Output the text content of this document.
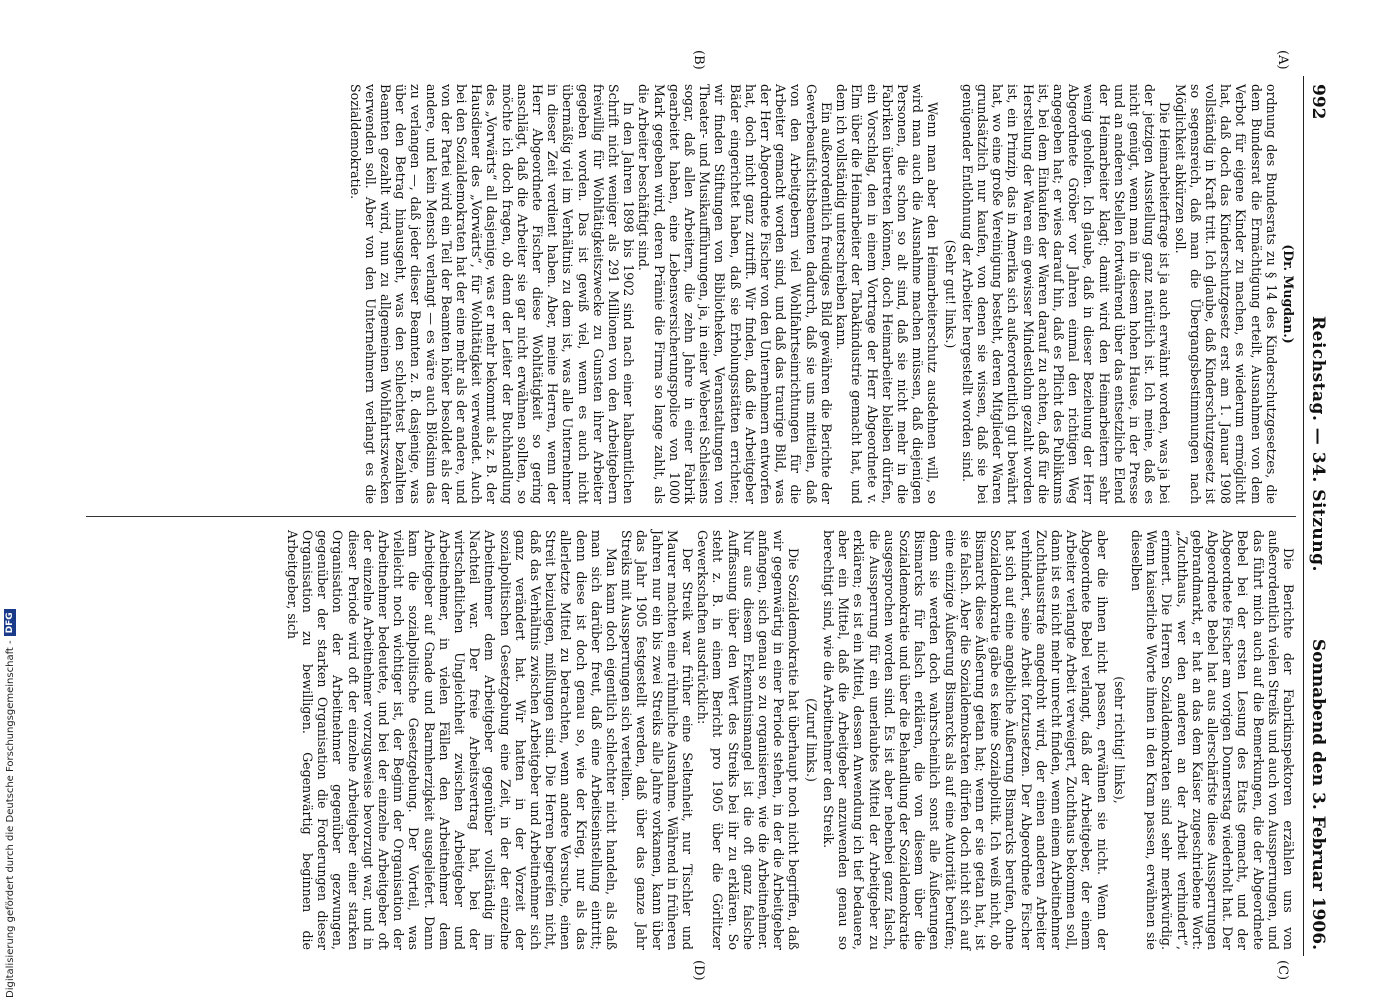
992
Reichstag. — 34. Sitzung.
Sonnabend den 3. Februar 1906.
(A)
(B)
(C)
(D)
(Dr. Mugdan.)

ordnung des Bundesrats zu § 14 des Kinderschutzgesetzes, die dem Bundesrat die Ermächtigung erteilt, Ausnahmen von dem Verbot für eigene Kinder zu machen, es wiederum ermöglicht hat, daß doch das Kinderschutzgesetz erst am 1. Januar 1908 vollständig in Kraft tritt. Ich glaube, daß Kinderschutzgesetz ist so segensreich, daß man die Übergangsbestimmungen nach Möglichkeit abkürzen soll.

Die Heimarbeiterfrage ist ja auch erwähnt worden, was ja bei der jetzigen Ausstellung ganz natürlich ist. Ich meine, daß es nicht genügt, wenn man in diesem hohen Hause, in der Presse und an anderen Stellen fortwährend über das entsetzliche Elend der Heimarbeiter klagt; damit wird den Heimarbeitern sehr wenig geholfen. Ich glaube, daß in dieser Beziehung der Herr Abgeordnete Gröber vor Jahren einmal den richtigen Weg angegeben hat; er wies darauf hin, daß es Pflicht des Publikums ist, bei dem Einkaufen der Waren darauf zu achten, daß für die Herstellung der Waren ein gewisser Mindestlohn gezahlt worden ist, ein Prinzip, das in Amerika sich außerordentlich gut bewährt hat, wo eine große Vereinigung besteht, deren Mitglieder Waren grundsätzlich nur kaufen, von denen sie wissen, daß sie bei genügender Entlohnung der Arbeiter hergestellt worden sind.

(Sehr gut! links.)

Wenn man aber den Heimarbeiterschutz ausdehnen will, so wird man auch die Ausnahme machen müssen, daß diejenigen Personen, die schon so alt sind, daß sie nicht mehr in die Fabriken übertreten können, doch Heimarbeiter bleiben dürfen, ein Vorschlag, den in einem Vortrage der Herr Abgeordnete v. Elm über die Heimarbeiter der Tabakindustrie gemacht hat, und dem ich vollständig unterschreiben kann.

Ein außerordentlich freudiges Bild gewähren die Berichte der Gewerbeaufsichtsbeamten dadurch, daß sie uns mitteilen, daß von den Arbeitgebern viel Wohlfahrtseinrichtungen für die Arbeiter gemacht worden sind, und daß das traurige Bild, was der Herr Abgeordnete Fischer von den Unternehmern entworfen hat, doch nicht ganz zutrifft. Wir finden, daß die Arbeitgeber Bäder eingerichtet haben, daß sie Erholungsstätten errichten; wir finden Stiftungen von Bibliotheken, Veranstaltungen von Theater- und Musikaufführungen, ja, in einer Weberei Schlesiens sogar, daß allen Arbeitern, die zehn Jahre in einer Fabrik gearbeitet haben, eine Lebensversicherungspolice von 1000 Mark gegeben wird, deren Prämie die Firma so lange zahlt, als die Arbeiter beschäftigt sind.

In den Jahren 1898 bis 1902 sind nach einer halbamtlichen Schrift nicht weniger als 291 Millionen von den Arbeitgebern freiwillig für Wohltätigkeitszwecke zu Gunsten ihrer Arbeiter gegeben worden. Das ist gewiß viel, wenn es auch nicht übermäßig viel im Verhältnis zu dem ist, was alle Unternehmer in dieser Zeit verdient haben. Aber, meine Herren, wenn der Herr Abgeordnete Fischer diese Wohltätigkeit so gering anschlägt, daß die Arbeiter sie gar nicht erwähnen sollten, so möchte ich doch fragen, ob denn der Leiter der Buchhandlung des „Vorwärts“ all dasjenige, was er mehr bekommt als z. B. der Hausdiener des „Vorwärts“, für Wohltätigkeit verwendet. Auch bei den Sozialdemokraten hat der eine mehr als der andere, und von der Partei wird ein Teil der Beamten höher besoldet als der andere, und kein Mensch verlangt — es wäre auch Blödsinn das zu verlangen —, daß jeder dieser Beamten z. B. dasjenige, was über den Betrag hinausgeht, was den schlechtest bezahlten Beamten gezahlt wird, nun zu allgemeinen Wohlfahrtszwecken verwenden soll. Aber von den Unternehmern verlangt es die Sozialdemokratie.

Die Berichte der Fabrikinspektoren erzählen uns von außerordentlich vielen Streiks und auch von Aussperrungen, und das führt mich auch auf die Bemerkungen, die der Abgeordnete Bebel bei der ersten Lesung des Etats gemacht, und der Abgeordnete Fischer am vorigen Donnerstag wiederholt hat. Der Abgeordnete Bebel hat aus allerschärfste diese Aussperrungen gebrandmarkt, er hat an das dem Kaiser zugeschriebene Wort: „Zuchthaus, wer den anderen an der Arbeit verhindert“, erinnert. Die Herren Sozialdemokraten sind sehr merkwürdig. Wenn kaiserliche Worte ihnen in den Kram passen, erwähnen sie dieselben

(sehr richtig! links),

aber die ihnen nicht passen, erwähnen sie nicht. Wenn der Abgeordnete Bebel verlangt, daß der Arbeitgeber, der einem Arbeiter verlangte Arbeit verweigert, Zuchthaus bekommen soll, dann ist es nicht mehr unrecht finden, wenn einem Arbeitnehmer Zuchthausstrafe angedroht wird, der einen anderen Arbeiter verhindert, seine Arbeit fortzusetzen. Der Abgeordnete Fischer hat sich auf eine angebliche Äußerung Bismarcks berufen, ohne Sozialdemokratie gäbe es keine Sozialpolitik. Ich weiß nicht, ob Bismarck diese Äußerung getan hat; wenn er sie getan hat, ist sie falsch. Aber die Sozialdemokraten dürfen doch nicht sich auf eine einzige Äußerung Bismarcks als auf eine Autorität berufen; denn sie werden doch wahrscheinlich sonst alle Äußerungen Bismarcks für falsch erklären, die von diesem über die Sozialdemokratie und über die Behandlung der Sozialdemokratie ausgesprochen worden sind. Es ist aber nebenbei ganz falsch, die Aussperrung für ein unerlaubtes Mittel der Arbeitgeber zu erklären; es ist ein Mittel, dessen Anwendung ich tief bedauere, aber ein Mittel, daß die Arbeitgeber anzuwenden genau so berechtigt sind, wie die Arbeitnehmer den Streik.

(Zuruf links.)

Die Sozialdemokratie hat überhaupt noch nicht begriffen, daß wir gegenwärtig in einer Periode stehen, in der die Arbeitgeber anfangen, sich genau so zu organisieren, wie die Arbeitnehmer. Nur aus diesem Erkenntnismangel ist die oft ganz falsche Auffassung über den Wert des Streiks bei ihr zu erklären. So steht z. B. in einem Bericht pro 1905 über die Görlitzer Gewerkschaften ausdrücklich:

Der Streik war früher eine Seltenheit, nur Tischler und Maurer machten eine rühmliche Ausnahme. Während in früheren Jahren nur ein bis zwei Streiks alle Jahre vorkamen, kann über das Jahr 1905 festgestellt werden, daß über das ganze Jahr Streiks mit Aussperrungen sich verteilten.

Man kann doch eigentlich schlechter nicht handeln, als daß man sich darüber freut, daß eine Arbeitseinstellung eintritt; denn diese ist doch genau so, wie der Krieg, nur als das allerletzte Mittel zu betrachten, wenn andere Versuche, einen Streit beizulegen, mißlungen sind. Die Herren begreifen nicht, daß das Verhältnis zwischen Arbeitgeber und Arbeitnehmer sich ganz verändert hat. Wir hatten in der Vorzeit der sozialpolitischen Gesetzgebung eine Zeit, in der der einzelne Arbeitnehmer dem Arbeitgeber gegenüber vollständig im Nachteil war. Der freie Arbeitsvertrag hat, bei der wirtschaftlichen Ungleichheit zwischen Arbeitgeber und Arbeitnehmer, in vielen Fällen den Arbeitnehmer dem Arbeitgeber auf Gnade und Barmherzigkeit ausgeliefert. Dann kam die sozialpolitische Gesetzgebung. Der Vorteil, was vielleicht noch wichtiger ist, der Beginn der Organisation der Arbeitnehmer bedeutete, und bei der einzelne Arbeitgeber oft der einzelne Arbeitnehmer vorzugsweise bevorzugt war, und in dieser Periode wird oft der einzelne Arbeitgeber einer starken Organisation der Arbeitnehmer gegenüber gezwungen, gegenüber der starken Organisation die Forderungen dieser Organisation zu bewilligen. Gegenwärtig beginnen die Arbeitgeber, sich

Digitalisierung gefördert durch die Deutsche Forschungsgemeinschaft -
DFG
